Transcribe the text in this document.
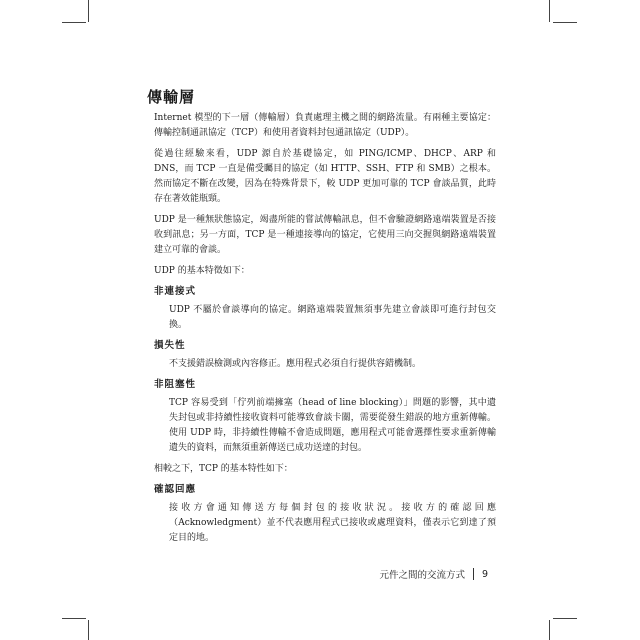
傳輸層

Internet 模型的下一層（傳輸層）負責處理主機之間的網路流量。有兩種主要協定：傳輸控制通訊協定（TCP）和使用者資料封包通訊協定（UDP）。

從過往經驗來看，UDP 源自於基礎協定，如 PING/ICMP、DHCP、ARP 和 DNS，而 TCP 一直是備受矚目的協定（如 HTTP、SSH、FTP 和 SMB）之根本。然而協定不斷在改變，因為在特殊背景下，較 UDP 更加可靠的 TCP 會談品質，此時存在著效能瓶頸。

UDP 是一種無狀態協定，竭盡所能的嘗試傳輸訊息，但不會驗證網路遠端裝置是否接收到訊息；另一方面，TCP 是一種連接導向的協定，它使用三向交握與網路遠端裝置建立可靠的會談。

UDP 的基本特徵如下：

非連接式

UDP 不屬於會談導向的協定。網路遠端裝置無須事先建立會談即可進行封包交換。

損失性

不支援錯誤檢測或內容修正。應用程式必須自行提供容錯機制。

非阻塞性

TCP 容易受到「佇列前端擁塞（head of line blocking）」問題的影響，其中遺失封包或非持續性接收資料可能導致會談卡關，需要從發生錯誤的地方重新傳輸。使用 UDP 時，非持續性傳輸不會造成問題，應用程式可能會選擇性要求重新傳輸遺失的資料，而無須重新傳送已成功送達的封包。

相較之下，TCP 的基本特性如下：

確認回應

接收方會通知傳送方每個封包的接收狀況。接收方的確認回應（Acknowledgment）並不代表應用程式已接收或處理資料，僅表示它到達了預定目的地。

元件之間的交流方式 9
